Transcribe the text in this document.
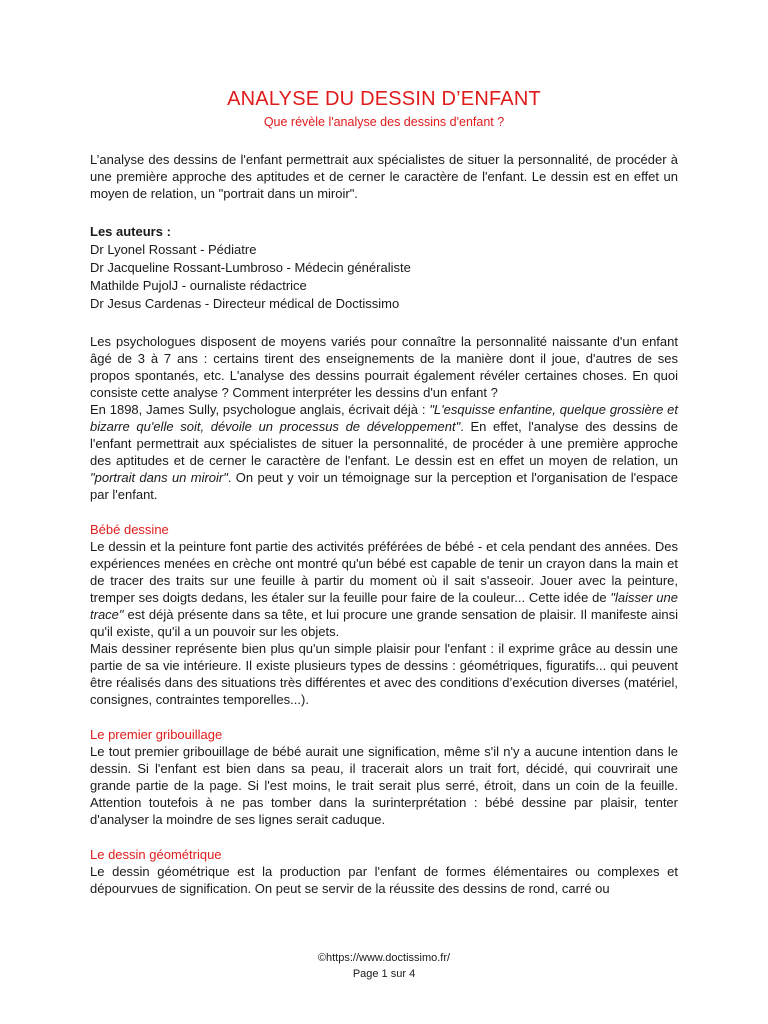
ANALYSE DU DESSIN D’ENFANT
Que révèle l'analyse des dessins d'enfant ?

L’analyse des dessins de l'enfant permettrait aux spécialistes de situer la personnalité, de procéder à une première approche des aptitudes et de cerner le caractère de l'enfant. Le dessin est en effet un moyen de relation, un "portrait dans un miroir".

Les auteurs :
Dr Lyonel Rossant - Pédiatre
Dr Jacqueline Rossant-Lumbroso - Médecin généraliste
Mathilde PujolJ - ournaliste rédactrice
Dr Jesus Cardenas - Directeur médical de Doctissimo

Les psychologues disposent de moyens variés pour connaître la personnalité naissante d'un enfant âgé de 3 à 7 ans : certains tirent des enseignements de la manière dont il joue, d'autres de ses propos spontanés, etc. L'analyse des dessins pourrait également révéler certaines choses. En quoi consiste cette analyse ? Comment interpréter les dessins d'un enfant ?

En 1898, James Sully, psychologue anglais, écrivait déjà : "L'esquisse enfantine, quelque grossière et bizarre qu'elle soit, dévoile un processus de développement". En effet, l'analyse des dessins de l'enfant permettrait aux spécialistes de situer la personnalité, de procéder à une première approche des aptitudes et de cerner le caractère de l'enfant. Le dessin est en effet un moyen de relation, un "portrait dans un miroir". On peut y voir un témoignage sur la perception et l'organisation de l'espace par l'enfant.

Bébé dessine

Le dessin et la peinture font partie des activités préférées de bébé - et cela pendant des années. Des expériences menées en crèche ont montré qu'un bébé est capable de tenir un crayon dans la main et de tracer des traits sur une feuille à partir du moment où il sait s'asseoir. Jouer avec la peinture, tremper ses doigts dedans, les étaler sur la feuille pour faire de la couleur... Cette idée de "laisser une trace" est déjà présente dans sa tête, et lui procure une grande sensation de plaisir. Il manifeste ainsi qu'il existe, qu'il a un pouvoir sur les objets.

Mais dessiner représente bien plus qu'un simple plaisir pour l'enfant : il exprime grâce au dessin une partie de sa vie intérieure. Il existe plusieurs types de dessins : géométriques, figuratifs... qui peuvent être réalisés dans des situations très différentes et avec des conditions d’exécution diverses (matériel, consignes, contraintes temporelles...).

Le premier gribouillage

Le tout premier gribouillage de bébé aurait une signification, même s'il n'y a aucune intention dans le dessin. Si l'enfant est bien dans sa peau, il tracerait alors un trait fort, décidé, qui couvrirait une grande partie de la page. Si l'est moins, le trait serait plus serré, étroit, dans un coin de la feuille. Attention toutefois à ne pas tomber dans la surinterprétation : bébé dessine par plaisir, tenter d'analyser la moindre de ses lignes serait caduque.

Le dessin géométrique

Le dessin géométrique est la production par l'enfant de formes élémentaires ou complexes et dépourvues de signification. On peut se servir de la réussite des dessins de rond, carré ou

©https://www.doctissimo.fr/
Page 1 sur 4
